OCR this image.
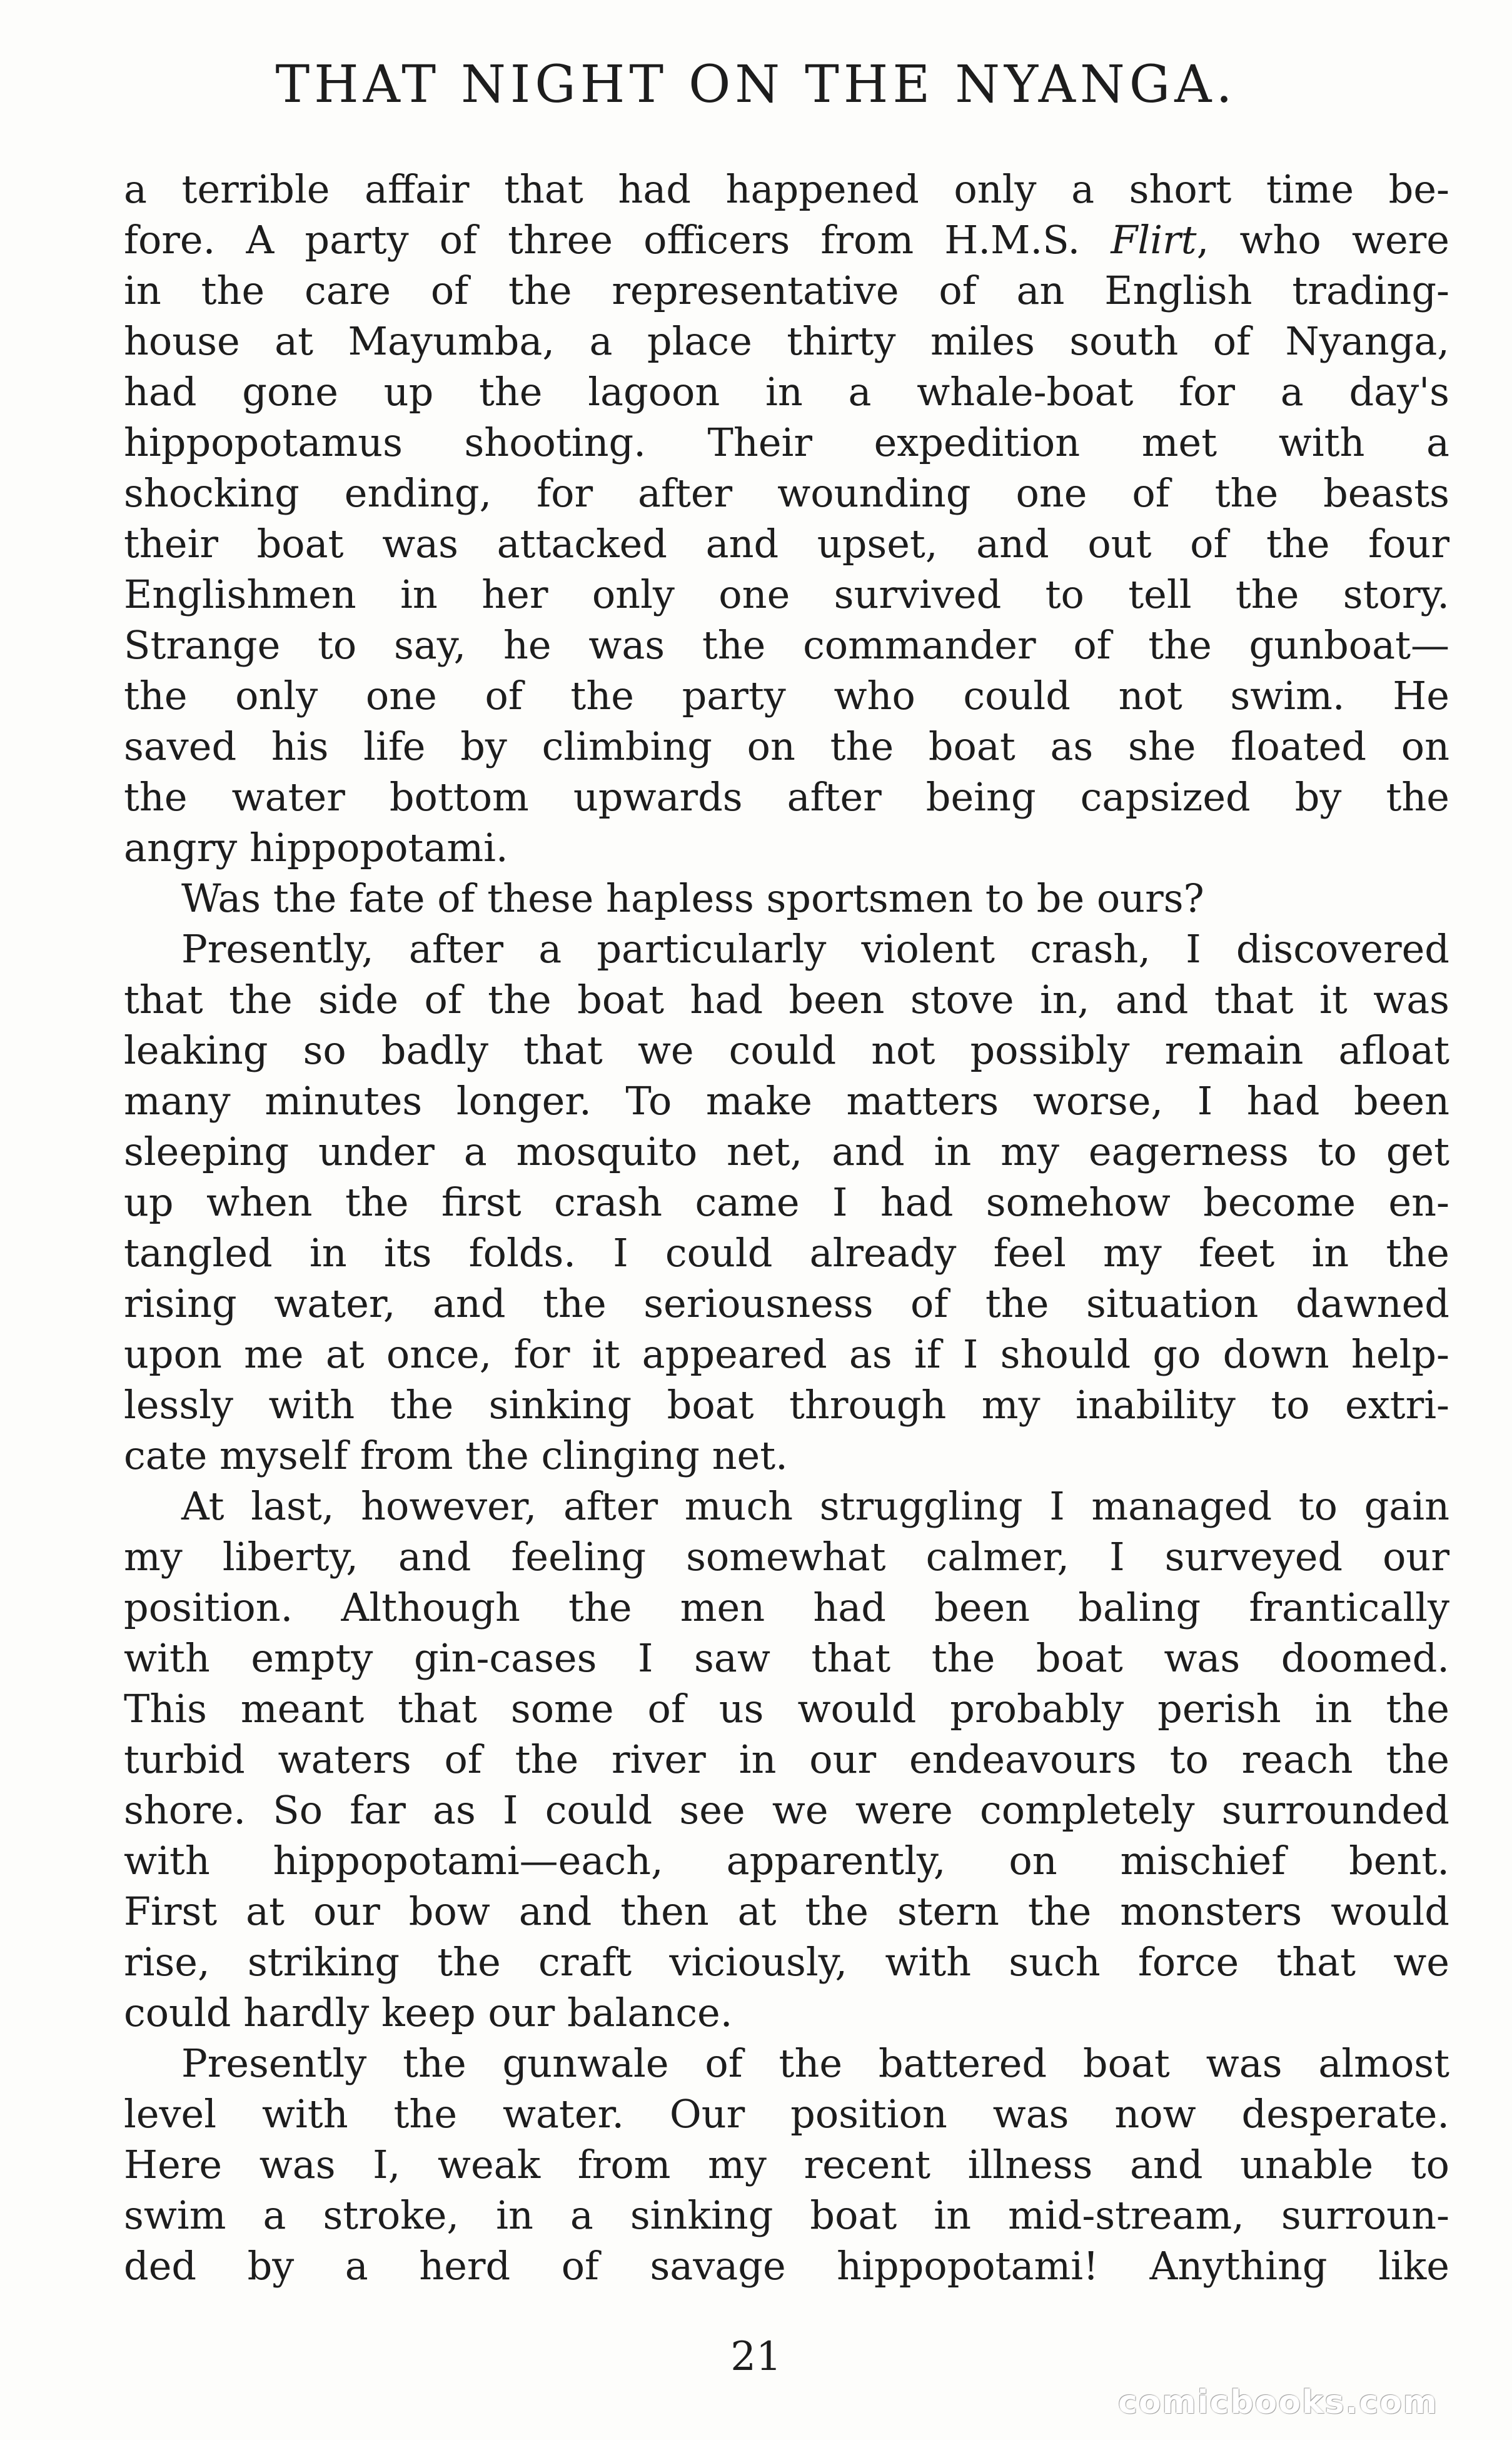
THAT NIGHT ON THE NYANGA.
a terrible affair that had happened only a short time be-
fore. A party of three officers from H.M.S. Flirt, who were
in the care of the representative of an English trading-
house at Mayumba, a place thirty miles south of Nyanga,
had gone up the lagoon in a whale-boat for a day's
hippopotamus shooting. Their expedition met with a
shocking ending, for after wounding one of the beasts
their boat was attacked and upset, and out of the four
Englishmen in her only one survived to tell the story.
Strange to say, he was the commander of the gunboat—
the only one of the party who could not swim. He
saved his life by climbing on the boat as she floated on
the water bottom upwards after being capsized by the
angry hippopotami.
Was the fate of these hapless sportsmen to be ours?
Presently, after a particularly violent crash, I discovered
that the side of the boat had been stove in, and that it was
leaking so badly that we could not possibly remain afloat
many minutes longer. To make matters worse, I had been
sleeping under a mosquito net, and in my eagerness to get
up when the first crash came I had somehow become en-
tangled in its folds. I could already feel my feet in the
rising water, and the seriousness of the situation dawned
upon me at once, for it appeared as if I should go down help-
lessly with the sinking boat through my inability to extri-
cate myself from the clinging net.
At last, however, after much struggling I managed to gain
my liberty, and feeling somewhat calmer, I surveyed our
position. Although the men had been baling frantically
with empty gin-cases I saw that the boat was doomed.
This meant that some of us would probably perish in the
turbid waters of the river in our endeavours to reach the
shore. So far as I could see we were completely surrounded
with hippopotami—each, apparently, on mischief bent.
First at our bow and then at the stern the monsters would
rise, striking the craft viciously, with such force that we
could hardly keep our balance.
Presently the gunwale of the battered boat was almost
level with the water. Our position was now desperate.
Here was I, weak from my recent illness and unable to
swim a stroke, in a sinking boat in mid-stream, surroun-
ded by a herd of savage hippopotami! Anything like
21
comicbooks.com
